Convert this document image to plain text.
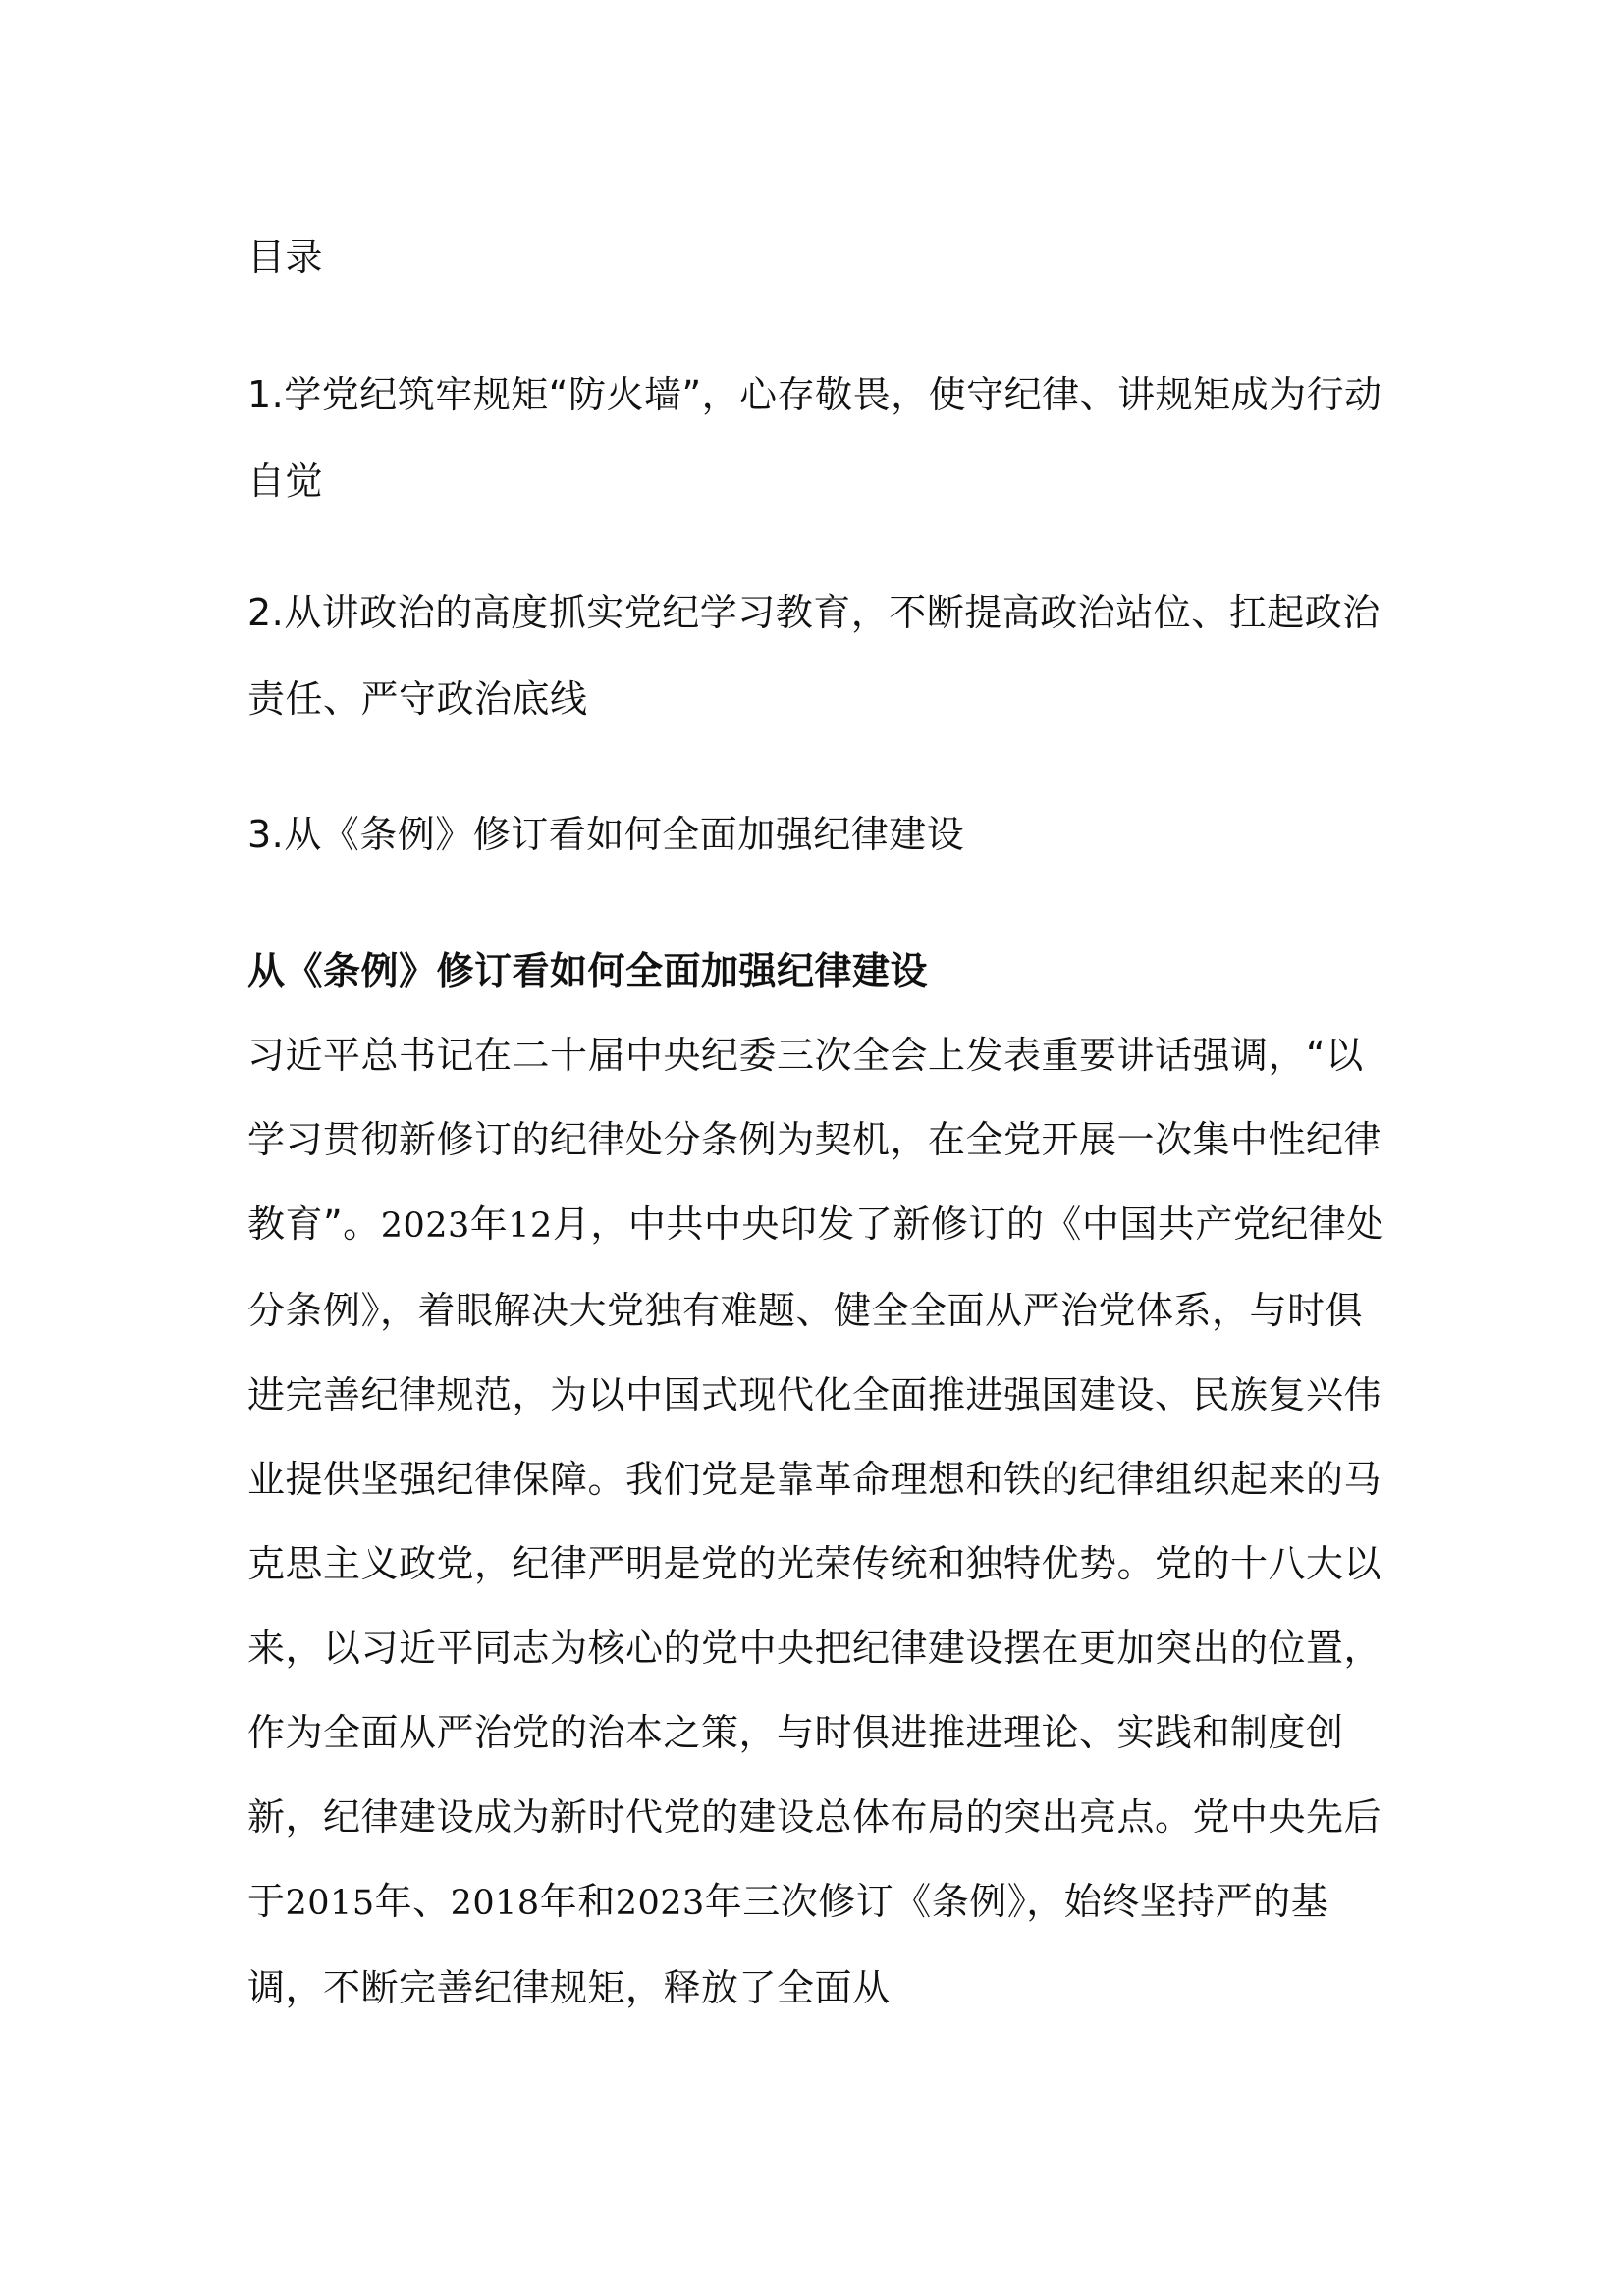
目录

1.学党纪筑牢规矩“防火墙”，心存敬畏，使守纪律、讲规矩成为行动自觉

2.从讲政治的高度抓实党纪学习教育，不断提高政治站位、扛起政治责任、严守政治底线

3.从《条例》修订看如何全面加强纪律建设

从《条例》修订看如何全面加强纪律建设

习近平总书记在二十届中央纪委三次全会上发表重要讲话强调，“以学习贯彻新修订的纪律处分条例为契机，在全党开展一次集中性纪律教育”。2023年12月，中共中央印发了新修订的《中国共产党纪律处分条例》，着眼解决大党独有难题、健全全面从严治党体系，与时俱进完善纪律规范，为以中国式现代化全面推进强国建设、民族复兴伟业提供坚强纪律保障。我们党是靠革命理想和铁的纪律组织起来的马克思主义政党，纪律严明是党的光荣传统和独特优势。党的十八大以来，以习近平同志为核心的党中央把纪律建设摆在更加突出的位置，作为全面从严治党的治本之策，与时俱进推进理论、实践和制度创新，纪律建设成为新时代党的建设总体布局的突出亮点。党中央先后于2015年、2018年和2023年三次修订《条例》，始终坚持严的基调，不断完善纪律规矩，释放了全面从
